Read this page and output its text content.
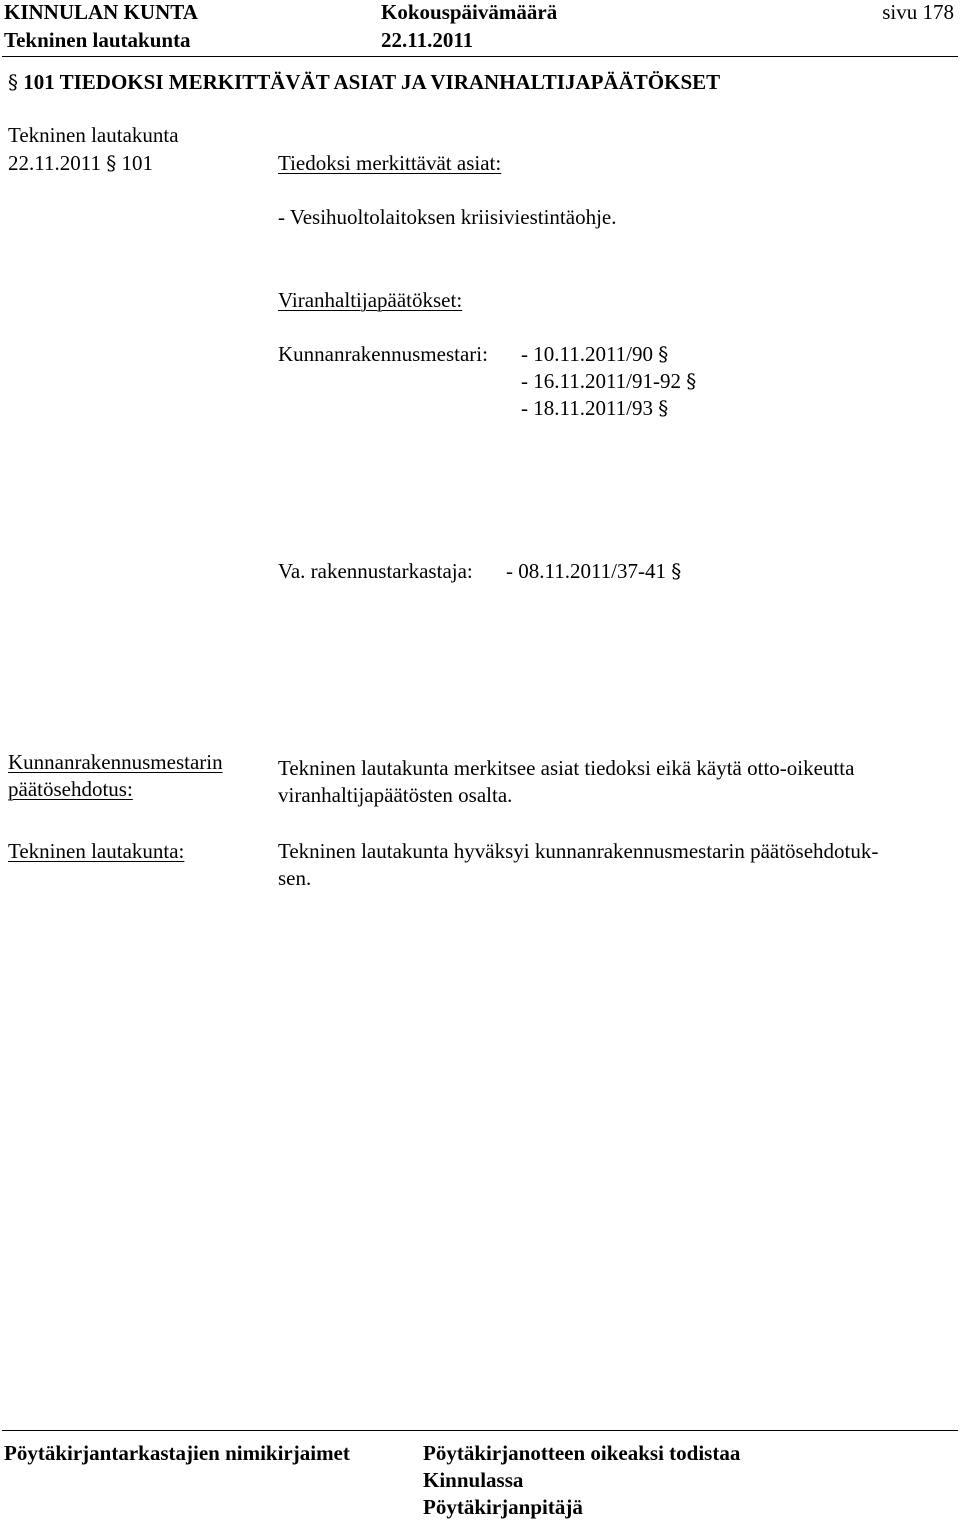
KINNULAN KUNTA	Kokouspäivämäärä	sivu 178
Tekninen lautakunta	22.11.2011
§ 101 TIEDOKSI MERKITTÄVÄT ASIAT JA VIRANHALTIJAPÄÄTÖKSET
Tekninen lautakunta
22.11.2011 § 101	Tiedoksi merkittävät asiat:
- Vesihuoltolaitoksen kriisiviestintäohje.
Viranhaltijapäätökset:
Kunnanrakennusmestari: - 10.11.2011/90 §
- 16.11.2011/91-92 §
- 18.11.2011/93 §
Va. rakennustarkastaja: - 08.11.2011/37-41 §
Kunnanrakennusmestarin
päätösehdotus:
Tekninen lautakunta merkitsee asiat tiedoksi eikä käytä otto-oikeutta viranhaltijapäätösten osalta.
Tekninen lautakunta:	Tekninen lautakunta hyväksyi kunnanrakennusmestarin päätösehdotuk-
sen.
Pöytäkirjantarkastajien nimikirjaimet	Pöytäkirjanotteen oikeaksi todistaa
Kinnulassa
Pöytäkirjanpitäjä
